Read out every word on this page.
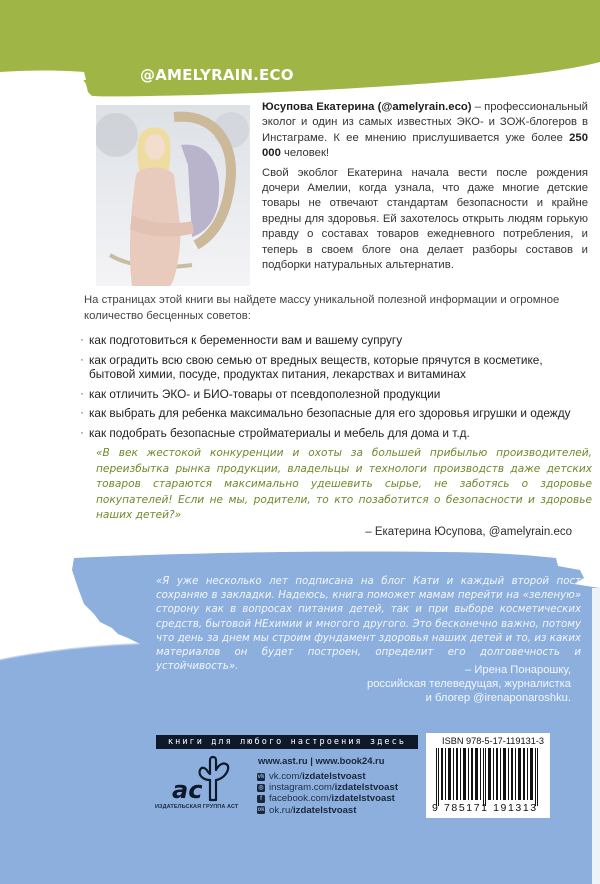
@AMELYRAIN.ECO

Юсупова Екатерина (@amelyrain.eco) – профессиональный эколог и один из самых известных ЭКО- и ЗОЖ-блогеров в Инстаграме. К ее мнению прислушивается уже более 250 000 человек!

Свой экоблог Екатерина начала вести после рождения дочери Амелии, когда узнала, что даже многие детские товары не отвечают стандартам безопасности и крайне вредны для здоровья. Ей захотелось открыть людям горькую правду о составах товаров ежедневного потребления, и теперь в своем блоге она делает разборы составов и подборки натуральных альтернатив.

На страницах этой книги вы найдете массу уникальной полезной информации и огромное количество бесценных советов:
· как подготовиться к беременности вам и вашему супругу
· как оградить всю свою семью от вредных веществ, которые прячутся в косметике, бытовой химии, посуде, продуктах питания, лекарствах и витаминах
· как отличить ЭКО- и БИО-товары от псевдополезной продукции
· как выбрать для ребенка максимально безопасные для его здоровья игрушки и одежду
· как подобрать безопасные стройматериалы и мебель для дома и т.д.
«В век жестокой конкуренции и охоты за большей прибылью производителей, переизбытка рынка продукции, владельцы и технологи производств даже детских товаров стараются максимально удешевить сырье, не заботясь о здоровье покупателей! Если не мы, родители, то кто позаботится о безопасности и здоровье наших детей?»
– Екатерина Юсупова, @amelyrain.eco
«Я уже несколько лет подписана на блог Кати и каждый второй пост сохраняю в закладки. Надеюсь, книга поможет мамам перейти на «зеленую» сторону как в вопросах питания детей, так и при выборе косметических средств, бытовой НЕхимии и многого другого. Это бесконечно важно, потому что день за днем мы строим фундамент здоровья наших детей и то, из каких материалов он будет построен, определит его долговечность и устойчивость».	– Ирена Понарошку,
российская телеведущая, журналистка
и блогер @irenaponaroshku.
книги для любого настроения здесь
ac
ИЗДАТЕЛЬСКАЯ ГРУППА АСТ
www.ast.ru | www.book24.ru
vk vk.com/ izdatelstvoast
◎ instagram.com/ izdatelstvoast
f facebook.com/ izdatelstvoast
ok ok.ru/ izdatelstvoast
ISBN 978-5-17-119131-3
9 785171 191313
